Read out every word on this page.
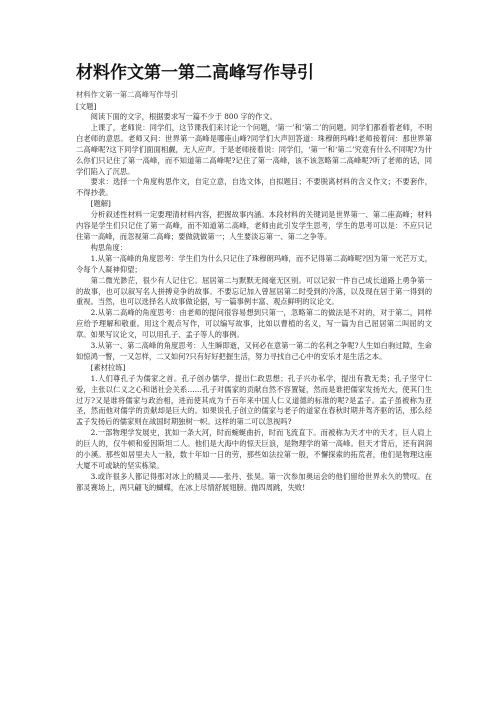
材料作文第一第二高峰写作导引

材料作文第一第二高峰写作导引

[文题]

阅读下面的文字，根据要求写一篇不少于 800 字的作文。

上课了，老师说：同学们，这节课我们来讨论一个问题，‘第一’和‘第二’的问题。同学们都看着老师，不明白老师的意思。老师又问：世界第一高峰是哪座山峰?同学们大声回答道：珠穆朗玛峰!老师接着问：那世界第二高峰呢?这下同学们面面相觑，无人应声。于是老师接着说：同学们，‘第一’和‘第二’究竟有什么不同呢?为什么你们只记住了第一高峰，而不知道第二高峰呢?记住了第一高峰，该不该忽略第二高峰呢?听了老师的话，同学们陷入了沉思。

要求：选择一个角度构思作文，自定立意，自选文体，自拟题目；不要脱离材料的含义作文；不要套作，不得抄袭。

[题解]

分析叙述性材料一定要理清材料内容，把握故事内涵。本段材料的关键词是世界第一、第二座高峰；材料内容是学生们只记住了第一高峰，而不知道第二高峰，老师由此引发学生思考，学生的思考可以是：不应只记住第一高峰，而忽视第二高峰；要做就做第一；人生要淡忘第一、第二之争等。

构思角度：

1.从第一高峰的角度思考：学生们为什么只记住了珠穆朗玛峰，而不记得第二高峰呢?因为第一光芒万丈，令每个人凝神仰望；

第二微光渺茫，很少有人记住它。屈居第二与默默无闻毫无区别。可以记叙一件自己成长道路上勇争第一的故事，也可以叙写名人拼搏竞争的故事。不要忘记加入曾屈居第二时受到的冷落，以及现在居于第一得到的重视。当然，也可以选择名人故事做论据，写一篇事例丰富、观点鲜明的议论文。

2.从第二高峰的角度思考：由老师的提问很容易想到只第一，忽略第二的做法是不对的，对于第二，同样应给予理解和敬重。用这个观点写作，可以编写故事，比如以曹植的名义，写一篇为自己屈居第二叫屈的文章。如果写议论文，可以用孔子、孟子等人的事例。

3.从第一、第二高峰的角度思考：人生瞬即逝，又何必在意第一第二的名利之争呢?人生如白驹过隙，生命如惊鸿一瞥，一又怎样，二又如何?只有好好把握生活，努力寻找自己心中的安乐才是生活之本。

[素材拉练]

1.人们尊孔子为儒家之首。孔子创办儒学，提出仁政思想；孔子兴办私学，提出有教无类；孔子坚守仁爱，主张以仁义之心和谐社会关系……孔子对儒家的贡献自然不容置疑，然而是谁把儒家发扬光大，使其门生过万?又是谁将儒家与政治相，进而使其成为千百年来中国人仁义道德的标准的呢?是孟子。孟子虽被称为亚圣，然而他对儒学的贡献却是巨大的。如果说孔子创立的儒家与老子的道家在春秋时期并驾齐驱的话，那么经孟子发扬后的儒家则在战国时期独树一帜。这样的第二可以忽视吗?

2.一部物理学发展史，犹如一条大河，时而蜿蜒曲折，时而飞流直下。而被称为天才中的天才，巨人肩上的巨人的，仅牛顿和爱因斯坦二人。他们是大海中的惊天巨浪，是物理学的第一高峰。但天才背后，还有润润的小溪。那些如居里夫人一般，数十年如一日的劳，那些如法拉第一般，不懈探索的拓荒者，他们是物理这座大厦不可或缺的坚实栋梁。

3.或许很多人都记得那对冰上的精灵——张丹、张昊。第一次参加奥运会的他们留给世界永久的赞叹。在都灵赛场上，两只翩飞的蝴蝶，在冰上尽情舒展翅膀。抛四周跳，失败!
